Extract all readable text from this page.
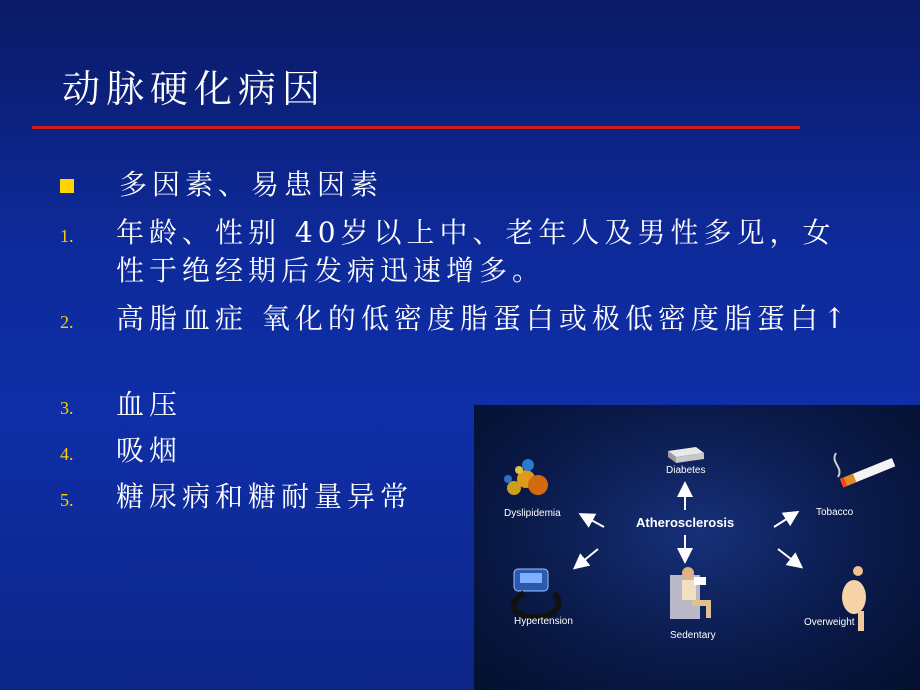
动脉硬化病因
多因素、易患因素
1.	年龄、性别 40岁以上中、老年人及男性多见，女性于绝经期后发病迅速增多。
2.	高脂血症 氧化的低密度脂蛋白或极低密度脂蛋白↑
3.	血压
4.	吸烟
5.	糖尿病和糖耐量异常
Atherosclerosis
Diabetes
Dyslipidemia	Tobacco
Hypertension
Sedentary
Overweight
